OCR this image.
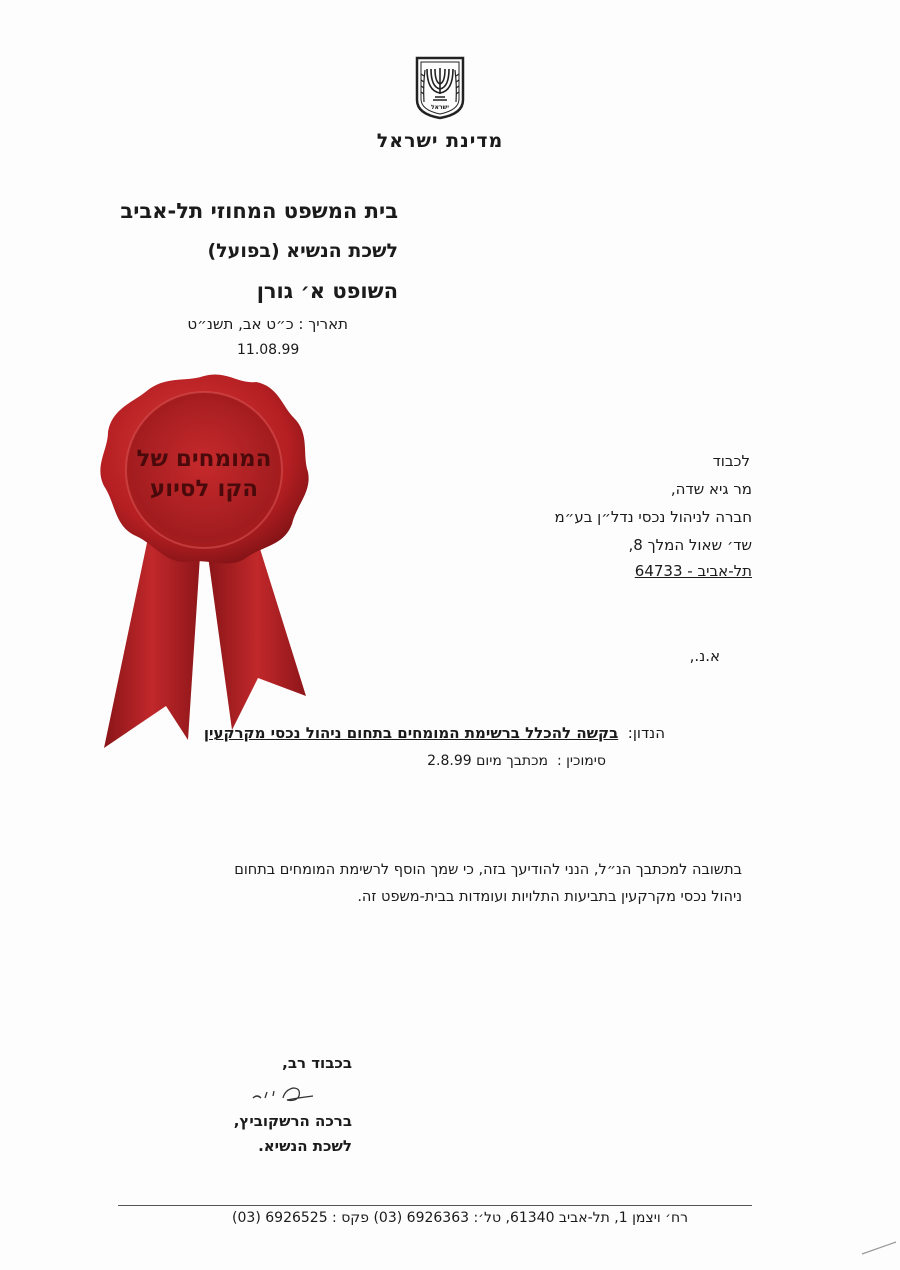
ישראל
מדינת ישראל
בית המשפט המחוזי תל-אביב
לשכת הנשיא (בפועל)
השופט א׳ גורן
תאריך : כ״ט אב, תשנ״ט
11.08.99
המומחים של
הקו לסיוע
לכבוד
מר גיא שדה,
חברה לניהול נכסי נדל״ן בע״מ
שד׳ שאול המלך 8,
תל-אביב - 64733
א.נ.,
הנדון:  בקשה להכלל ברשימת המומחים בתחום ניהול נכסי מקרקעין
סימוכין :  מכתבך מיום 2.8.99
בתשובה למכתבך הנ״ל, הנני להודיעך בזה, כי שמך הוסף לרשימת המומחים בתחום
ניהול נכסי מקרקעין בתביעות התלויות ועומדות בבית-משפט זה.
בכבוד רב,
ברכה הרשקוביץ,
לשכת הנשיא.
רח׳ ויצמן 1, תל-אביב 61340, טל׳: 6926363 (03) פקס : 6926525 (03)
